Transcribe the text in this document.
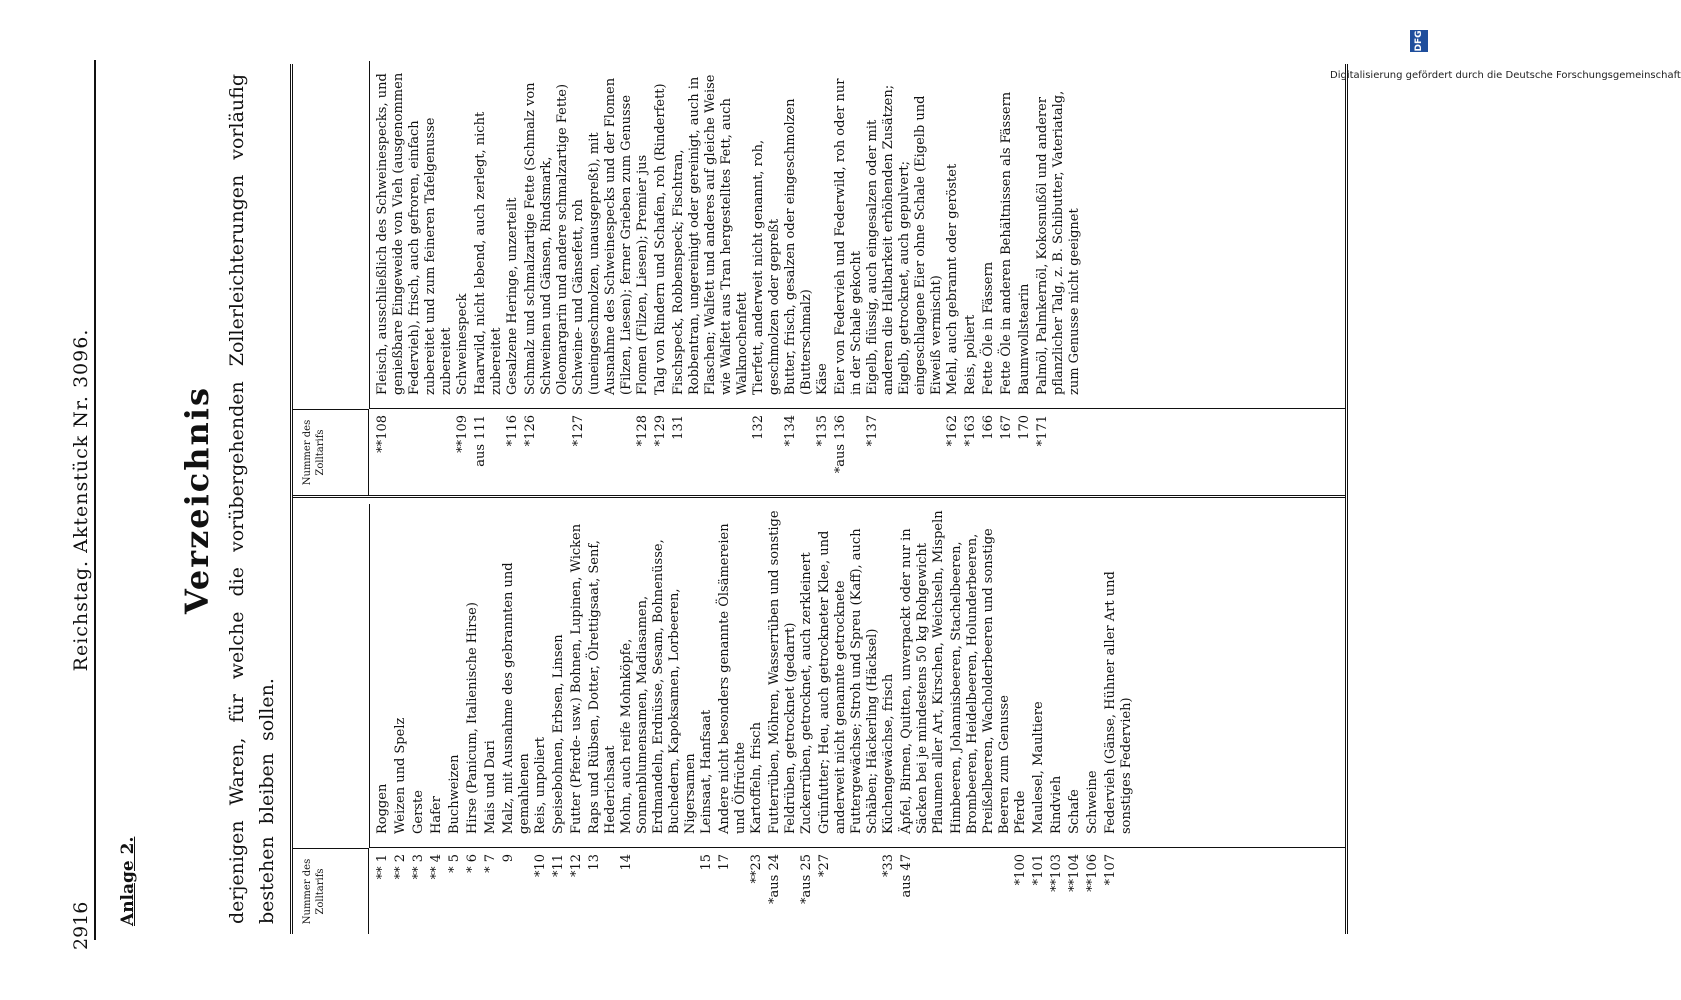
2916
Reichstag. Aktenstück Nr. 3096.
Anlage 2.
Verzeichnis derjenigen Waren, für welche die vorübergehenden Zollerleichterungen vorläufig bestehen bleiben sollen.	Nummer des Zolltarifs
** 1
Roggen
** 2
Weizen und Spelz
** 3
Gerste
** 4
Hafer
* 5
Buchweizen
* 6
Hirse (Panicum, Italienische Hirse)
* 7
Mais und Dari
9
Malz, mit Ausnahme des gebrannten und gemahlenen
*10
Reis, unpoliert
*11
Speisebohnen, Erbsen, Linsen
*12
Futter (Pferde- usw.) Bohnen, Lupinen, Wicken
13
Raps und Rübsen, Dotter, Ölrettigsaat, Senf, Hederichsaat
14
Mohn, auch reife Mohnköpfe, Sonnenblumensamen, Madiasamen, Erdmandeln, Erdnüsse, Sesam, Bohnenüsse, Buchedern, Kapoksamen, Lorbeeren, Nigersamen
15
Leinsaat, Hanfsaat
17
Andere nicht besonders genannte Ölsämereien und Ölfrüchte
**23
Kartoffeln, frisch
*aus 24
Futterrüben, Möhren, Wasserrüben und sonstige Feldrüben, getrocknet (gedarrt)
*aus 25
Zuckerrüben, getrocknet, auch zerkleinert
*27
Grünfutter; Heu, auch getrockneter Klee, und anderweit nicht genannte getrocknete Futtergewächse; Stroh und Spreu (Kaff), auch Schäben; Häckerling (Häcksel)
*33
Küchengewächse, frisch
aus 47
Äpfel, Birnen, Quitten, unverpackt oder nur in Säcken bei je mindestens 50 kg Rohgewicht Pflaumen aller Art, Kirschen, Weichseln, Mispeln Himbeeren, Johannisbeeren, Stachelbeeren, Brombeeren, Heidelbeeren, Holunderbeeren, Preißelbeeren, Wacholderbeeren und sonstige Beeren zum Genusse
*100
Pferde
*101
Maulesel, Maultiere
**103
Rindvieh
**104
Schafe
**106
Schweine
*107
Federvieh (Gänse, Hühner aller Art und sonstiges Federvieh)
Nummer des Zolltarifs	**108
Fleisch, ausschließlich des Schweinespecks, und genießbare Eingeweide von Vieh (ausgenommen Federvieh), frisch, auch gefroren, einfach zubereitet und zum feineren Tafelgenusse zubereitet
**109
Schweinespeck
aus 111
Haarwild, nicht lebend, auch zerlegt, nicht zubereitet
*116
Gesalzene Heringe, unzerteilt
*126
Schmalz und schmalzartige Fette (Schmalz von Schweinen und Gänsen, Rindsmark, Oleomargarin und andere schmalzartige Fette)
*127
Schweine- und Gänsefett, roh (uneingeschmolzen, unausgepreßt), mit Ausnahme des Schweinespecks und der Flomen (Filzen, Liesen); ferner Grieben zum Genusse
*128
Flomen (Filzen, Liesen); Premier jus
*129
Talg von Rindern und Schafen, roh (Rinderfett)
131
Fischspeck, Robbenspeck; Fischtran, Robbentran, ungereinigt oder gereinigt, auch in Flaschen; Walfett und anderes auf gleiche Weise wie Walfett aus Tran hergestelltes Fett, auch Walknochenfett
132
Tierfett, anderweit nicht genannt, roh, geschmolzen oder gepreßt
*134
Butter, frisch, gesalzen oder eingeschmolzen (Butterschmalz)
*135
Käse
*aus 136
Eier von Federvieh und Federwild, roh oder nur in der Schale gekocht
*137
Eigelb, flüssig, auch eingesalzen oder mit anderen die Haltbarkeit erhöhenden Zusätzen; Eigelb, getrocknet, auch gepulvert; eingeschlagene Eier ohne Schale (Eigelb und Eiweiß vermischt)
*162
Mehl, auch gebrannt oder geröstet
*163
Reis, poliert
166
Fette Öle in Fässern
167
Fette Öle in anderen Behältnissen als Fässern
170
Baumwollstearin
*171
Palmöl, Palmkernöl, Kokosnußöl und anderer pflanzlicher Talg, z. B. Schibutter, Vateriatalg, zum Genusse nicht geeignet
Digitalisierung gefördert durch die Deutsche Forschungsgemeinschaft
DFG
